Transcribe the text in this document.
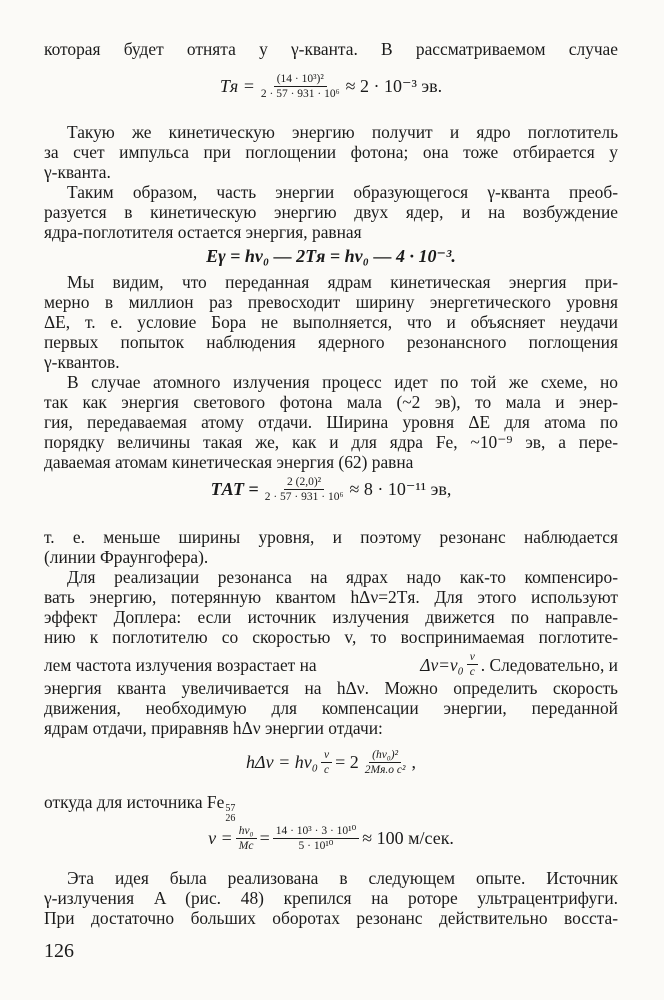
которая будет отнята у γ-кванта. В рассматриваемом случае
Tя = $\frac{\text{(14 · 10³)²}}{\text{2 · 57 · 931 · 10⁶}} \approx 2 \cdot 10^{-3}$ эв.
Такую же кинетическую энергию получит и ядро поглотитель
за счет импульса при поглощении фотона; она тоже отбирается у
γ-кванта.
Таким образом, часть энергии образующегося γ-кванта преоб-
разуется в кинетическую энергию двух ядер, и на возбуждение
ядра-поглотителя остается энергия, равная
Eγ = hν₀ — 2Tя = hν₀ — 4 · 10⁻³.
Мы видим, что переданная ядрам кинетическая энергия при-
мерно в миллион раз превосходит ширину энергетического уровня
ΔE, т. е. условие Бора не выполняется, что и объясняет неудачи
первых попыток наблюдения ядерного резонансного поглощения
γ-квантов.
В случае атомного излучения процесс идет по той же схеме, но
так как энергия светового фотона мала (~2 эв), то мала и энер-
гия, передаваемая атому отдачи. Ширина уровня ΔE для атома по
порядку величины такая же, как и для ядра Fe, ~10⁻⁹ эв, а пере-
даваемая атомам кинетическая энергия (62) равна
TАТ = $\frac{\text{2 (2,0)²}}{\text{2 · 57 · 931 · 10⁶}} \approx 8 \cdot 10^{-11}$ эв,
т. е. меньше ширины уровня, и поэтому резонанс наблюдается
(линии Фраунгофера).
Для реализации резонанса на ядрах надо как-то компенсиро-
вать энергию, потерянную квантом hΔν=2Tя. Для этого используют
эффект Доплера: если источник излучения движется по направле-
нию к поглотителю со скоростью v, то воспринимаемая поглотите-
лем частота излучения возрастает на	$\Delta\nu=\nu_0 \frac{v}{c}$ . Следовательно, и
энергия кванта увеличивается на hΔν. Можно определить скорость
движения, необходимую для компенсации энергии, переданной
ядрам отдачи, приравняв hΔν энергии отдачи:
$h\Delta\nu = h\nu_0 \frac{v}{c} = 2 \frac{\text{(hν₀)²}}{\text{2Mя.о c²}}$ ,
откуда для источника Fe 57
26
$v = \frac{\text{hν₀}}{Mc} = \frac{\text{14 · 10³ · 3 · 10¹⁰}}{\text{5 · 10¹⁰}} \approx 100$ м/сек.
Эта идея была реализована в следующем опыте. Источник
γ-излучения A (рис. 48) крепился на роторе ультрацентрифуги.
При достаточно больших оборотах резонанс действительно восста-
126
